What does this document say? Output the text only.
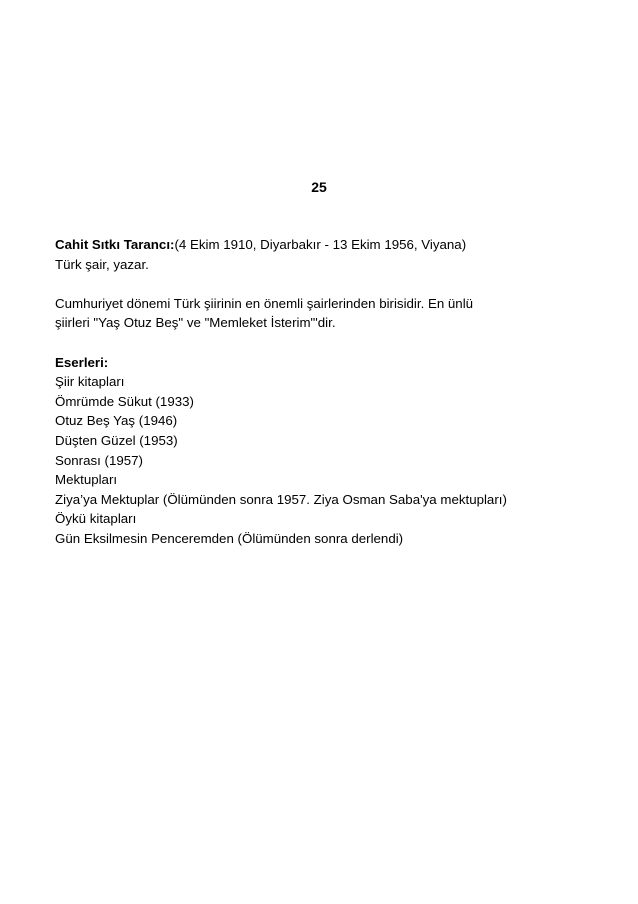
25
Cahit Sıtkı Tarancı:(4 Ekim 1910, Diyarbakır - 13 Ekim 1956, Viyana)
Türk şair, yazar.
Cumhuriyet dönemi Türk şiirinin en önemli şairlerinden birisidir. En ünlü
şiirleri "Yaş Otuz Beş" ve "Memleket İsterim"'dir.
Eserleri:
Şiir kitapları
Ömrümde Sükut (1933)
Otuz Beş Yaş (1946)
Düşten Güzel (1953)
Sonrası (1957)
Mektupları
Ziya’ya Mektuplar (Ölümünden sonra 1957. Ziya Osman Saba'ya mektupları)
Öykü kitapları
Gün Eksilmesin Penceremden (Ölümünden sonra derlendi)
